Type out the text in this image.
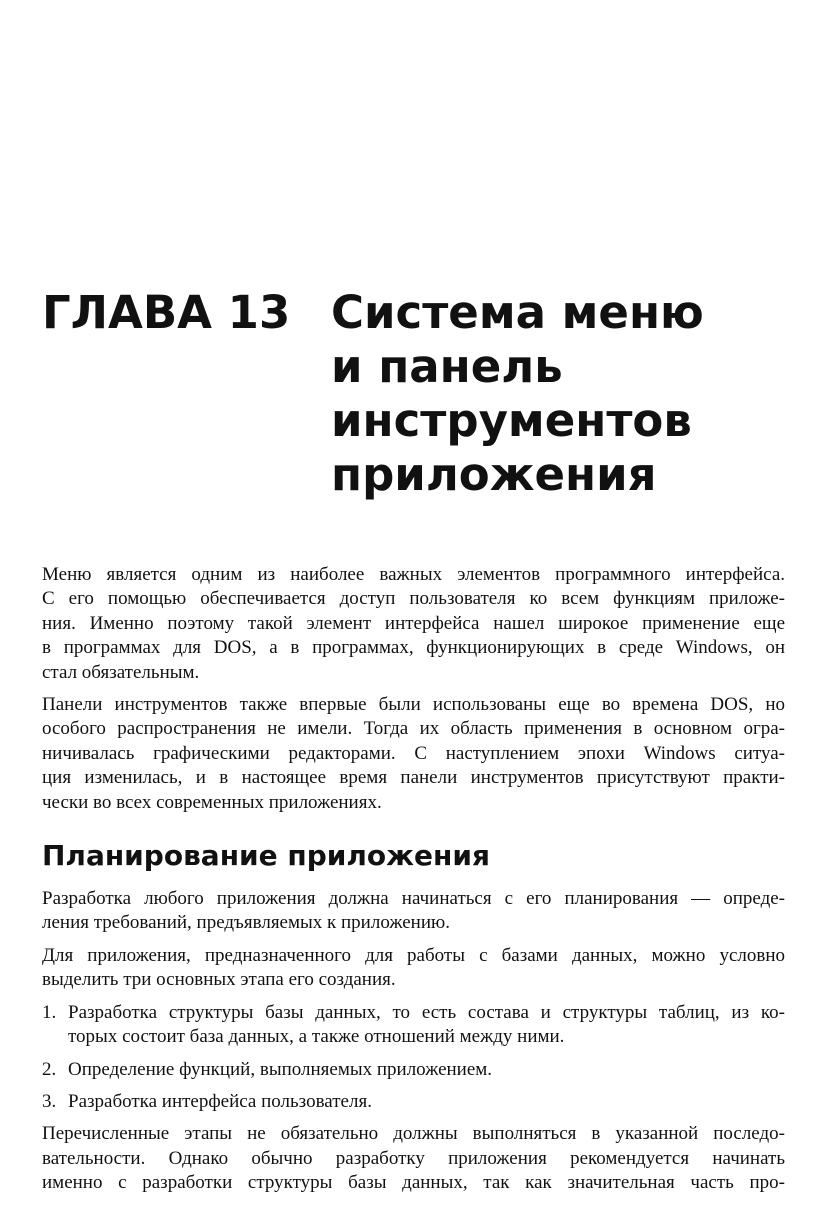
ГЛАВА 13 Система меню
и панель
инструментов
приложения
Меню является одним из наиболее важных элементов программного интерфейса.
С его помощью обеспечивается доступ пользователя ко всем функциям приложе-
ния. Именно поэтому такой элемент интерфейса нашел широкое применение еще
в программах для DOS, а в программах, функционирующих в среде Windows, он
стал обязательным.
Панели инструментов также впервые были использованы еще во времена DOS, но
особого распространения не имели. Тогда их область применения в основном огра-
ничивалась графическими редакторами. С наступлением эпохи Windows ситуа-
ция изменилась, и в настоящее время панели инструментов присутствуют практи-
чески во всех современных приложениях.
Планирование приложения
Разработка любого приложения должна начинаться с его планирования — опреде-
ления требований, предъявляемых к приложению.
Для приложения, предназначенного для работы с базами данных, можно условно
выделить три основных этапа его создания.
1. Разработка структуры базы данных, то есть состава и структуры таблиц, из ко-
торых состоит база данных, а также отношений между ними.
2. Определение функций, выполняемых приложением.
3. Разработка интерфейса пользователя.
Перечисленные этапы не обязательно должны выполняться в указанной последо-
вательности. Однако обычно разработку приложения рекомендуется начинать
именно с разработки структуры базы данных, так как значительная часть про-
